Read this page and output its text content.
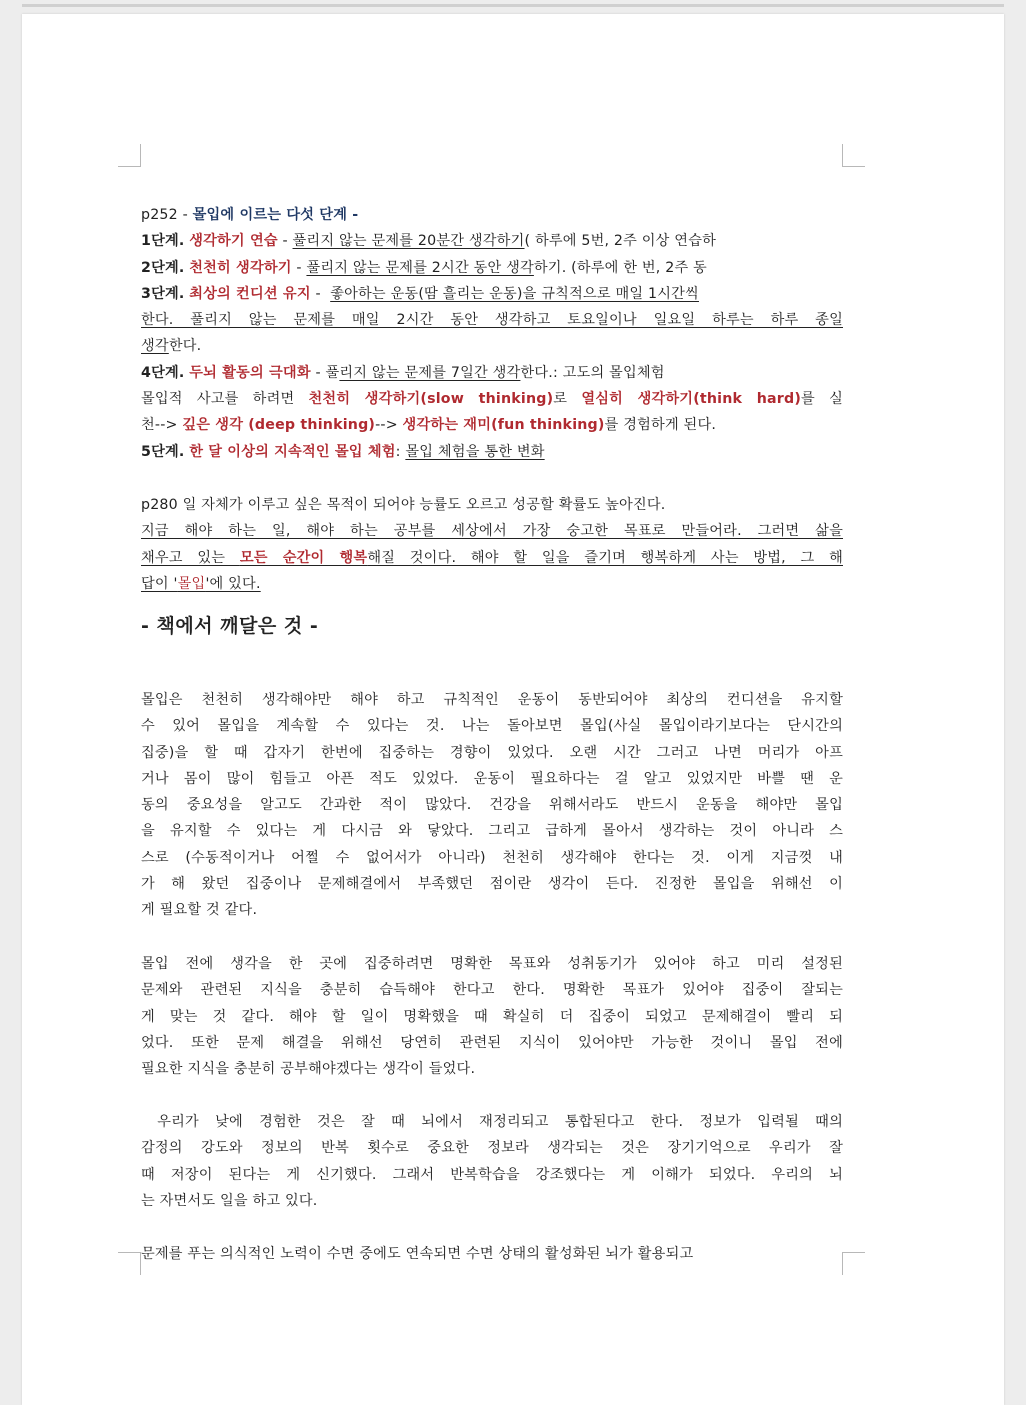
p252 - 몰입에 이르는 다섯 단계 -
1단계. 생각하기 연습 - 풀리지 않는 문제를 20분간 생각하기( 하루에 5번, 2주 이상 연습하
2단계. 천천히 생각하기 - 풀리지 않는 문제를 2시간 동안 생각하기. (하루에 한 번, 2주 동
3단계. 최상의 컨디션 유지 -  좋아하는 운동(땀 흘리는 운동)을 규칙적으로 매일 1시간씩
한다. 풀리지 않는 문제를 매일 2시간 동안 생각하고 토요일이나 일요일 하루는 하루 종일
생각한다.
4단계. 두뇌 활동의 극대화 - 풀리지 않는 문제를 7일간 생각한다.: 고도의 몰입체험
몰입적 사고를 하려면 천천히 생각하기(slow thinking)로 열심히 생각하기(think hard)를 실
천--> 깊은 생각 (deep thinking)--> 생각하는 재미(fun thinking)를 경험하게 된다.
5단계. 한 달 이상의 지속적인 몰입 체험: 몰입 체험을 통한 변화
p280 일 자체가 이루고 싶은 목적이 되어야 능률도 오르고 성공할 확률도 높아진다.
지금 해야 하는 일, 해야 하는 공부를 세상에서 가장 숭고한 목표로 만들어라. 그러면 삶을
채우고 있는 모든 순간이 행복해질 것이다. 해야 할 일을 즐기며 행복하게 사는 방법, 그 해
답이 '몰입'에 있다.
- 책에서 깨달은 것 -
몰입은 천천히 생각해야만 해야 하고 규칙적인 운동이 동반되어야 최상의 컨디션을 유지할
수 있어 몰입을 계속할 수 있다는 것. 나는 돌아보면 몰입(사실 몰입이라기보다는 단시간의
집중)을 할 때 갑자기 한번에 집중하는 경향이 있었다. 오랜 시간 그러고 나면 머리가 아프
거나 몸이 많이 힘들고 아픈 적도 있었다. 운동이 필요하다는 걸 알고 있었지만 바쁠 땐 운
동의 중요성을 알고도 간과한 적이 많았다. 건강을 위해서라도 반드시 운동을 해야만 몰입
을 유지할 수 있다는 게 다시금 와 닿았다. 그리고 급하게 몰아서 생각하는 것이 아니라 스
스로 (수동적이거나 어쩔 수 없어서가 아니라) 천천히 생각해야 한다는 것. 이게 지금껏 내
가 해 왔던 집중이나 문제해결에서 부족했던 점이란 생각이 든다. 진정한 몰입을 위해선 이
게 필요할 것 같다.
몰입 전에 생각을 한 곳에 집중하려면 명확한 목표와 성취동기가 있어야 하고 미리 설정된
문제와 관련된 지식을 충분히 습득해야 한다고 한다. 명확한 목표가 있어야 집중이 잘되는
게 맞는 것 같다. 해야 할 일이 명확했을 때 확실히 더 집중이 되었고 문제해결이 빨리 되
었다. 또한 문제 해결을 위해선 당연히 관련된 지식이 있어야만 가능한 것이니 몰입 전에
필요한 지식을 충분히 공부해야겠다는 생각이 들었다.
우리가 낮에 경험한 것은 잘 때 뇌에서 재정리되고 통합된다고 한다. 정보가 입력될 때의
감정의 강도와 정보의 반복 횟수로 중요한 정보라 생각되는 것은 장기기억으로 우리가 잘
때 저장이 된다는 게 신기했다. 그래서 반복학습을 강조했다는 게 이해가 되었다. 우리의 뇌
는 자면서도 일을 하고 있다.
문제를 푸는 의식적인 노력이 수면 중에도 연속되면 수면 상태의 활성화된 뇌가 활용되고
